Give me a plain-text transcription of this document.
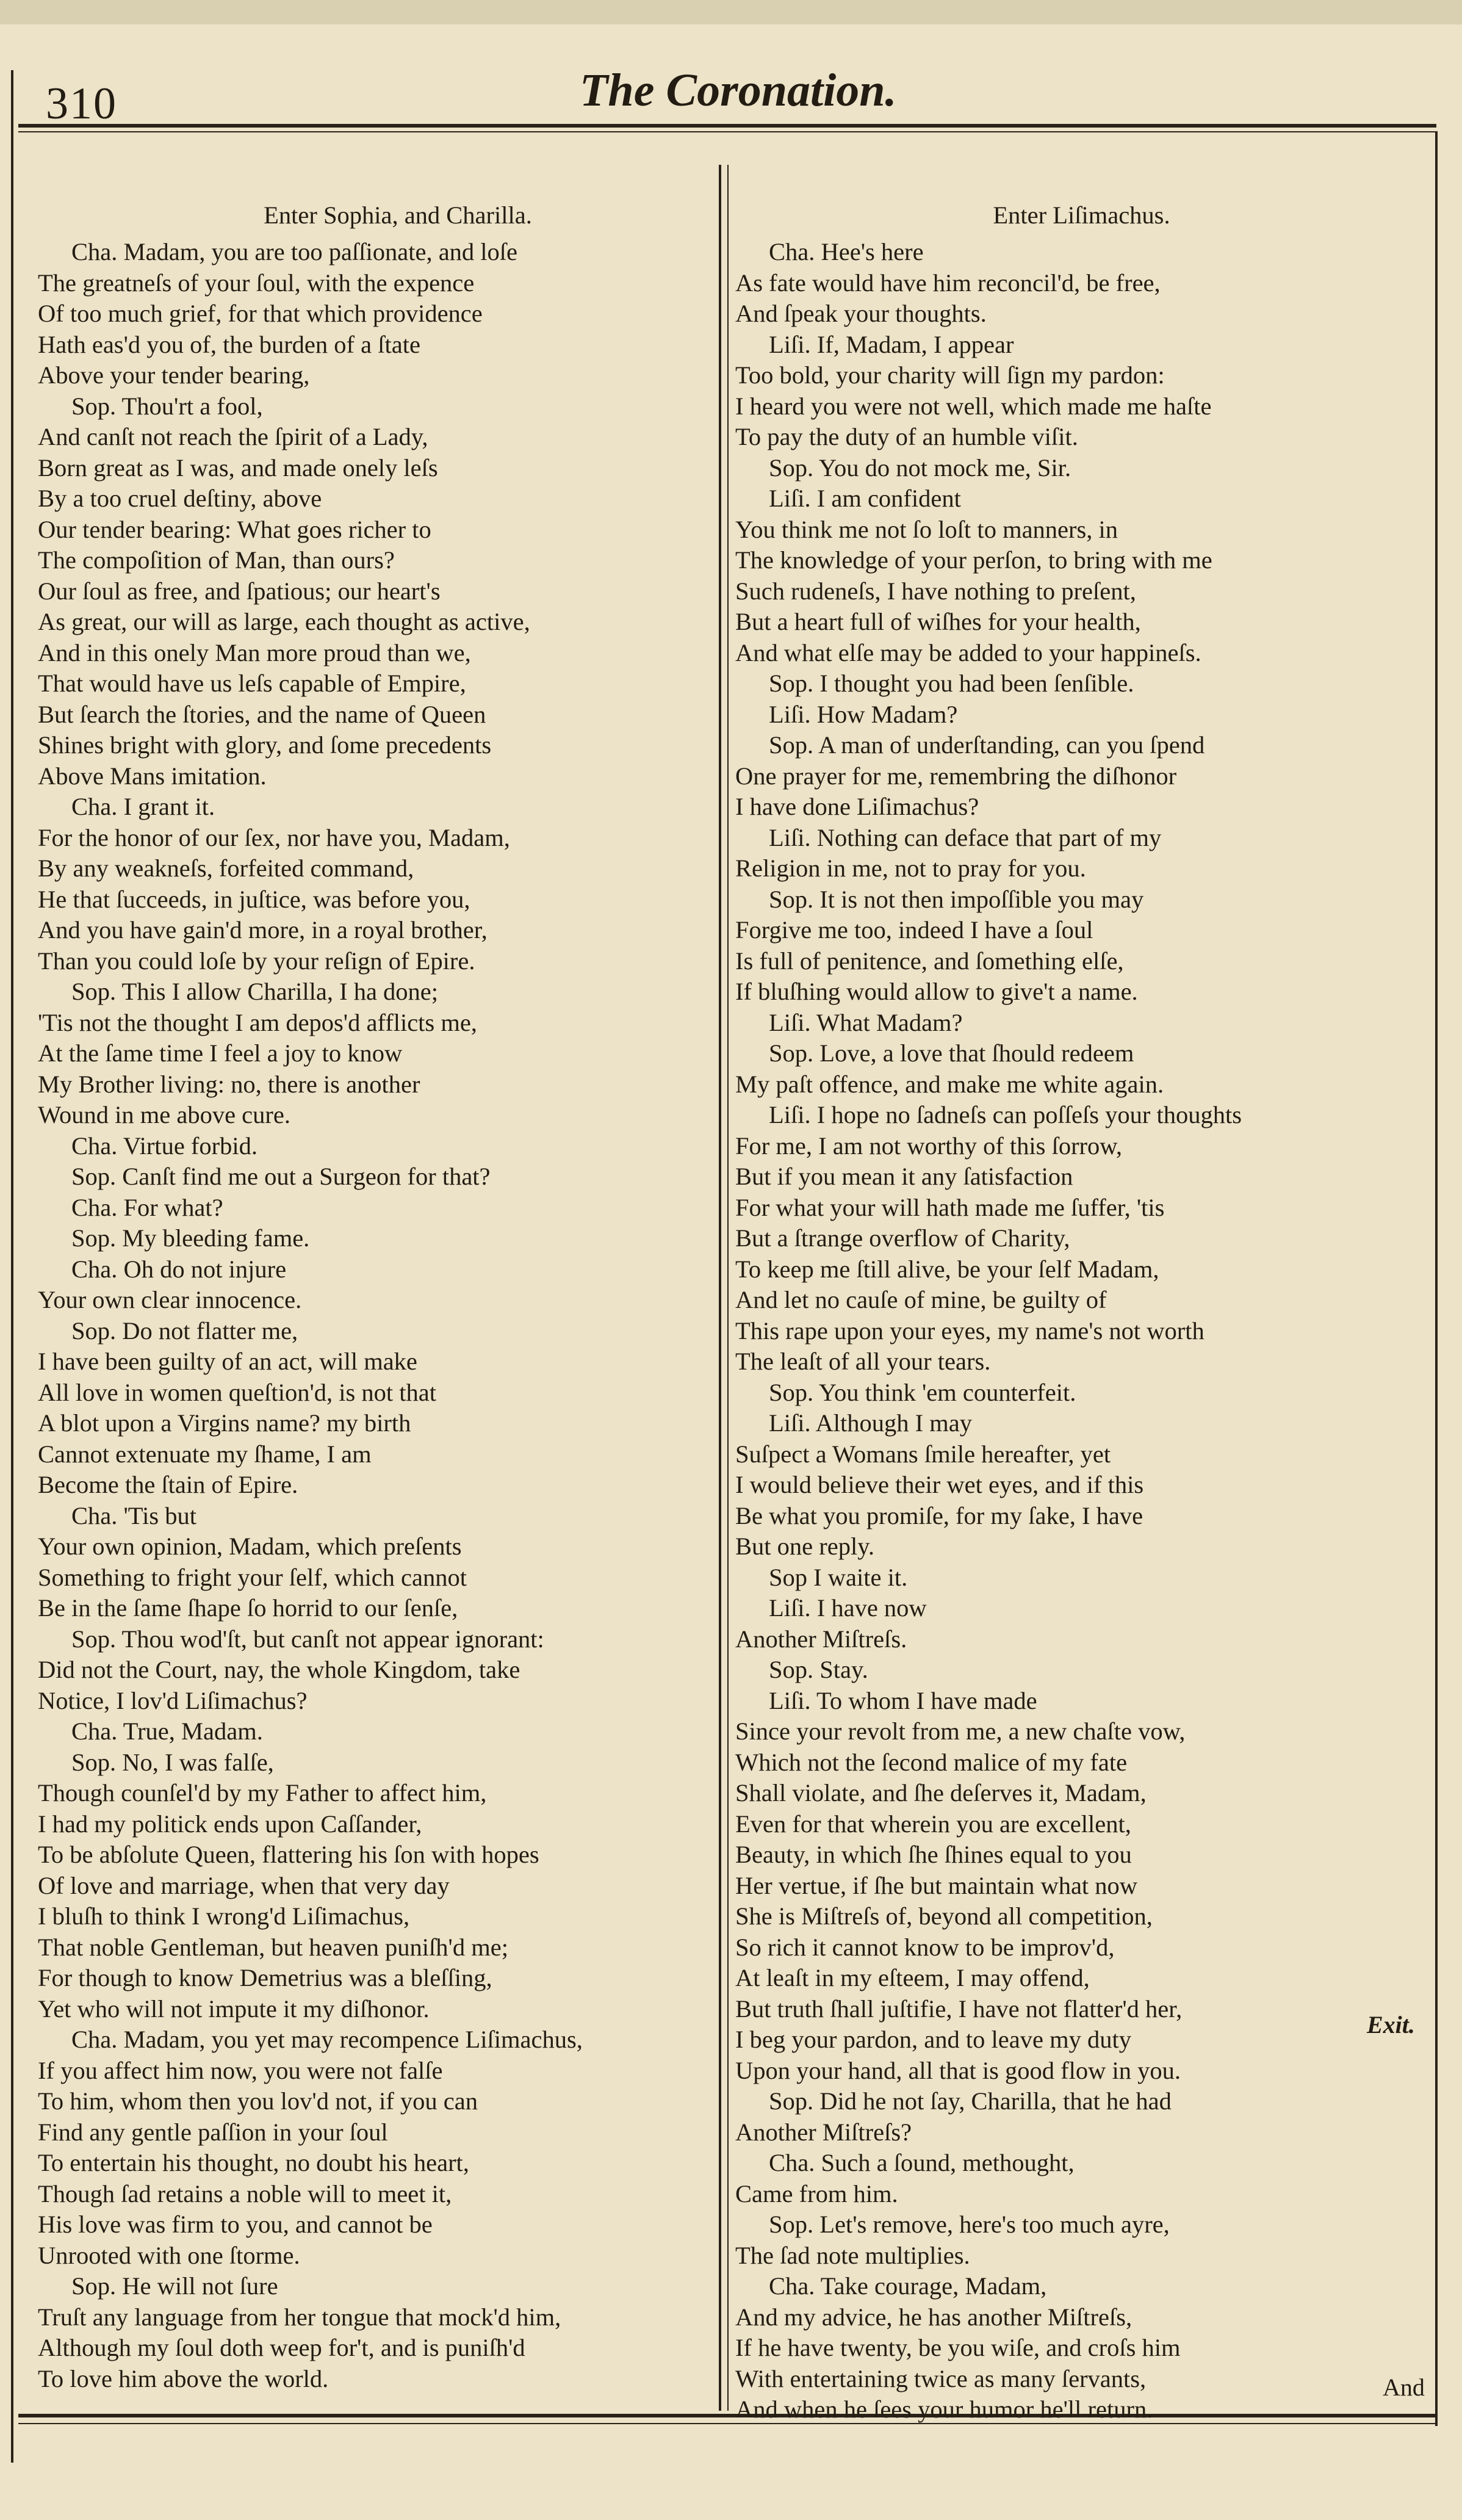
310	The Coronation.
Enter Sophia, and Charilla.
Cha. Madam, you are too paſſionate, and loſe
The greatneſs of your ſoul, with the expence
Of too much grief, for that which providence
Hath eas'd you of, the burden of a ſtate
Above your tender bearing,
Sop. Thou'rt a fool,
And canſt not reach the ſpirit of a Lady,
Born great as I was, and made onely leſs
By a too cruel deſtiny, above
Our tender bearing: What goes richer to
The compoſition of Man, than ours?
Our ſoul as free, and ſpatious; our heart's
As great, our will as large, each thought as active,
And in this onely Man more proud than we,
That would have us leſs capable of Empire,
But ſearch the ſtories, and the name of Queen
Shines bright with glory, and ſome precedents
Above Mans imitation.
Cha. I grant it.
For the honor of our ſex, nor have you, Madam,
By any weakneſs, forfeited command,
He that ſucceeds, in juſtice, was before you,
And you have gain'd more, in a royal brother,
Than you could loſe by your reſign of Epire.
Sop. This I allow Charilla, I ha done;
'Tis not the thought I am depos'd afflicts me,
At the ſame time I feel a joy to know
My Brother living: no, there is another
Wound in me above cure.
Cha. Virtue forbid.
Sop. Canſt find me out a Surgeon for that?
Cha. For what?
Sop. My bleeding fame.
Cha. Oh do not injure
Your own clear innocence.
Sop. Do not flatter me,
I have been guilty of an act, will make
All love in women queſtion'd, is not that
A blot upon a Virgins name? my birth
Cannot extenuate my ſhame, I am
Become the ſtain of Epire.
Cha. 'Tis but
Your own opinion, Madam, which preſents
Something to fright your ſelf, which cannot
Be in the ſame ſhape ſo horrid to our ſenſe,
Sop. Thou wod'ſt, but canſt not appear ignorant:
Did not the Court, nay, the whole Kingdom, take
Notice, I lov'd Liſimachus?
Cha. True, Madam.
Sop. No, I was falſe,
Though counſel'd by my Father to affect him,
I had my politick ends upon Caſſander,
To be abſolute Queen, flattering his ſon with hopes
Of love and marriage, when that very day
I bluſh to think I wrong'd Liſimachus,
That noble Gentleman, but heaven puniſh'd me;
For though to know Demetrius was a bleſſing,
Yet who will not impute it my diſhonor.
Cha. Madam, you yet may recompence Liſimachus,
If you affect him now, you were not falſe
To him, whom then you lov'd not, if you can
Find any gentle paſſion in your ſoul
To entertain his thought, no doubt his heart,
Though ſad retains a noble will to meet it,
His love was firm to you, and cannot be
Unrooted with one ſtorme.
Sop. He will not ſure
Truſt any language from her tongue that mock'd him,
Although my ſoul doth weep for't, and is puniſh'd
To love him above the world.
Enter Liſimachus.
Cha. Hee's here
As fate would have him reconcil'd, be free,
And ſpeak your thoughts.
Liſi. If, Madam, I appear
Too bold, your charity will ſign my pardon:
I heard you were not well, which made me haſte
To pay the duty of an humble viſit.
Sop. You do not mock me, Sir.
Liſi. I am confident
You think me not ſo loſt to manners, in
The knowledge of your perſon, to bring with me
Such rudeneſs, I have nothing to preſent,
But a heart full of wiſhes for your health,
And what elſe may be added to your happineſs.
Sop. I thought you had been ſenſible.
Liſi. How Madam?
Sop. A man of underſtanding, can you ſpend
One prayer for me, remembring the diſhonor
I have done Liſimachus?
Liſi. Nothing can deface that part of my
Religion in me, not to pray for you.
Sop. It is not then impoſſible you may
Forgive me too, indeed I have a ſoul
Is full of penitence, and ſomething elſe,
If bluſhing would allow to give't a name.
Liſi. What Madam?
Sop. Love, a love that ſhould redeem
My paſt offence, and make me white again.
Liſi. I hope no ſadneſs can poſſeſs your thoughts
For me, I am not worthy of this ſorrow,
But if you mean it any ſatisfaction
For what your will hath made me ſuffer, 'tis
But a ſtrange overflow of Charity,
To keep me ſtill alive, be your ſelf Madam,
And let no cauſe of mine, be guilty of
This rape upon your eyes, my name's not worth
The leaſt of all your tears.
Sop. You think 'em counterfeit.
Liſi. Although I may
Suſpect a Womans ſmile hereafter, yet
I would believe their wet eyes, and if this
Be what you promiſe, for my ſake, I have
But one reply.
Sop I waite it.
Liſi. I have now
Another Miſtreſs.
Sop. Stay.
Liſi. To whom I have made
Since your revolt from me, a new chaſte vow,
Which not the ſecond malice of my fate
Shall violate, and ſhe deſerves it, Madam,
Even for that wherein you are excellent,
Beauty, in which ſhe ſhines equal to you
Her vertue, if ſhe but maintain what now
She is Miſtreſs of, beyond all competition,
So rich it cannot know to be improv'd,
At leaſt in my eſteem, I may offend,
But truth ſhall juſtifie, I have not flatter'd her,
I beg your pardon, and to leave my duty
Upon your hand, all that is good flow in you.
Sop. Did he not ſay, Charilla, that he had
Another Miſtreſs?
Cha. Such a ſound, methought,
Came from him.
Sop. Let's remove, here's too much ayre,
The ſad note multiplies.
Cha. Take courage, Madam,
And my advice, he has another Miſtreſs,
If he have twenty, be you wiſe, and croſs him
With entertaining twice as many ſervants,
And when he ſees your humor he'll return.
Exit.
And
